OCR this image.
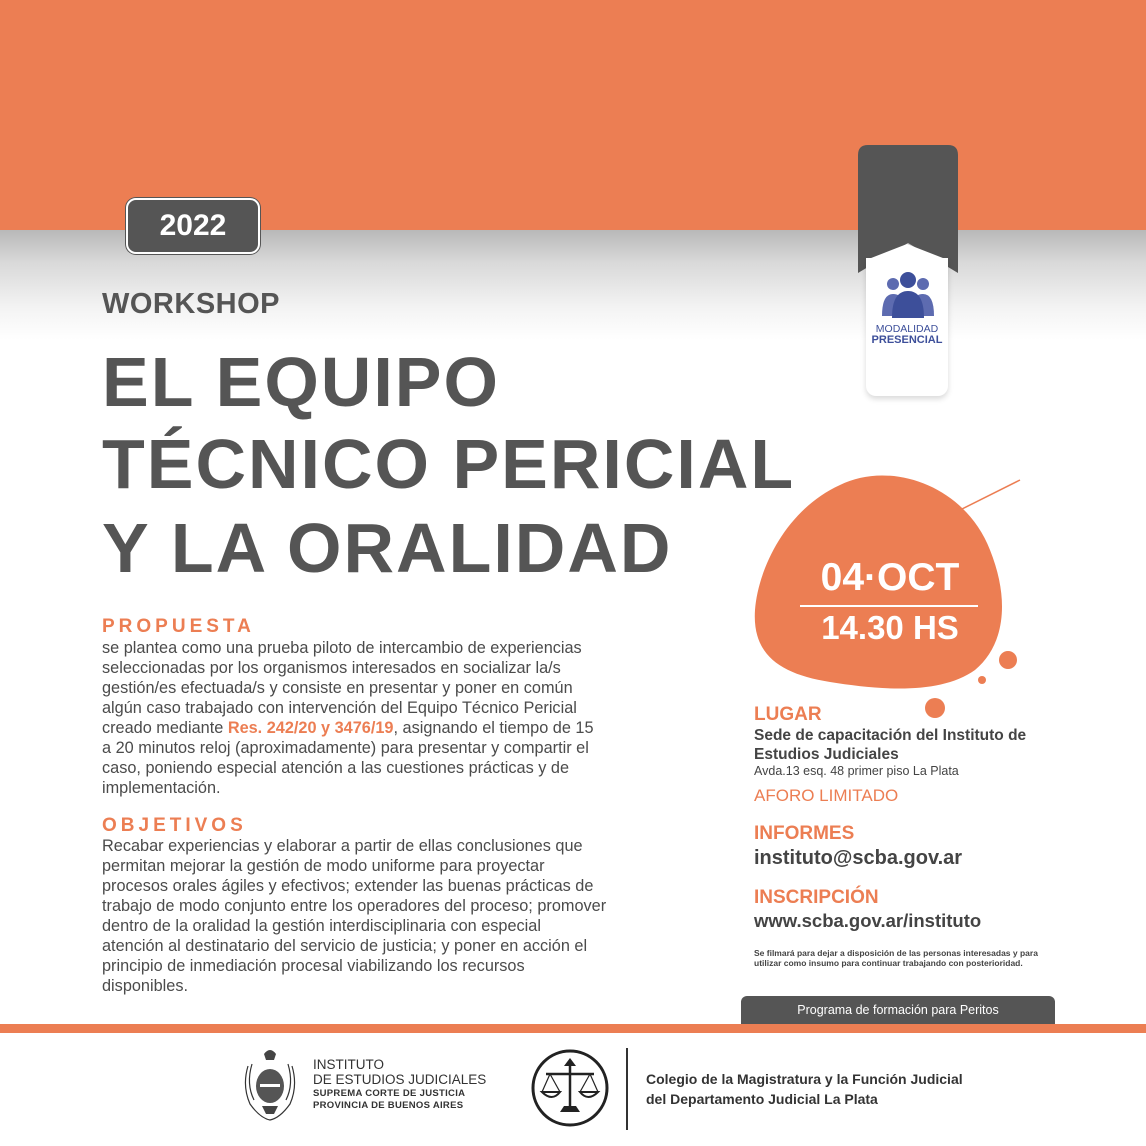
2022
MODALIDAD
PRESENCIAL
WORKSHOP
EL EQUIPO
TÉCNICO PERICIAL
Y LA ORALIDAD
PROPUESTA
se plantea como una prueba piloto de intercambio de experiencias seleccionadas por los organismos interesados en socializar la/s gestión/es efectuada/s y consiste en presentar y poner en común algún caso trabajado con intervención del Equipo Técnico Pericial creado mediante Res. 242/20 y 3476/19, asignando el tiempo de 15 a 20 minutos reloj (aproximadamente) para presentar y compartir el caso, poniendo especial atención a las cuestiones prácticas y de implementación.
OBJETIVOS
Recabar experiencias y elaborar a partir de ellas conclusiones que permitan mejorar la gestión de modo uniforme para proyectar procesos orales ágiles y efectivos; extender las buenas prácticas de trabajo de modo conjunto entre los operadores del proceso; promover dentro de la oralidad la gestión interdisciplinaria con especial atención al destinatario del servicio de justicia; y poner en acción el principio de inmediación procesal viabilizando los recursos disponibles.
04·OCT
14.30 HS
LUGAR
Sede de capacitación del Instituto de Estudios Judiciales
Avda.13 esq. 48 primer piso La Plata
AFORO LIMITADO
INFORMES
instituto@scba.gov.ar
INSCRIPCIÓN
www.scba.gov.ar/instituto
Se filmará para dejar a disposición de las personas interesadas y para utilizar como insumo para continuar trabajando con posterioridad.
Programa de formación para Peritos
INSTITUTO
DE ESTUDIOS JUDICIALES
SUPREMA CORTE DE JUSTICIA
PROVINCIA DE BUENOS AIRES
Colegio de la Magistratura y la Función Judicial
del Departamento Judicial La Plata
